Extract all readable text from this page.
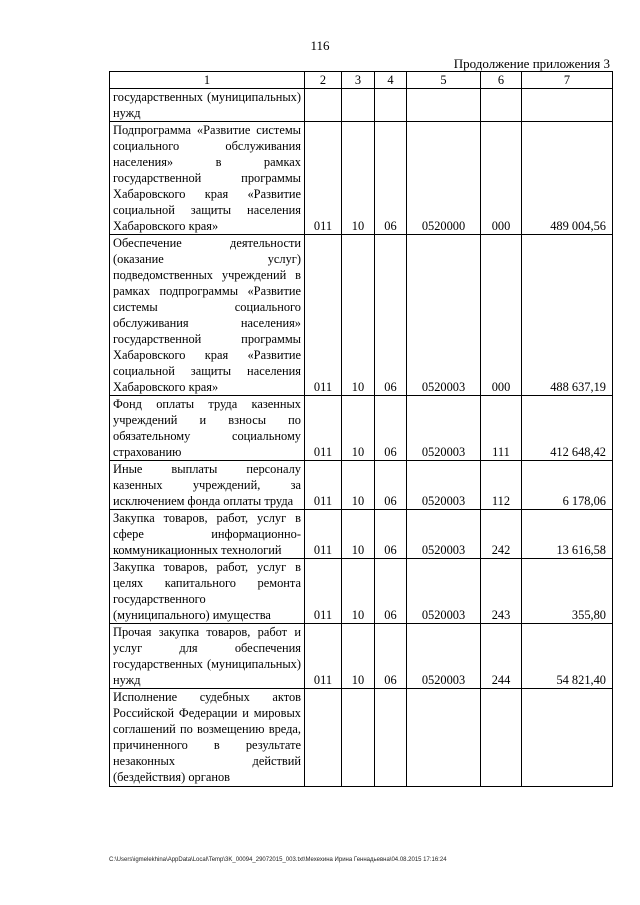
116
Продолжение приложения 3
1	2	3	4	5	6	7
государственных (муниципальных) нужд						
Подпрограмма «Развитие системы социального обслуживания населения» в рамках государственной программы Хабаровского края «Развитие социальной защиты населения Хабаровского края»	011	10	06	0520000	000	489 004,56
Обеспечение деятельности (оказание услуг) подведомственных учреждений в рамках подпрограммы «Развитие системы социального обслуживания населения» государственной программы Хабаровского края «Развитие социальной защиты населения Хабаровского края»	011	10	06	0520003	000	488 637,19
Фонд оплаты труда казенных учреждений и взносы по обязательному социальному страхованию	011	10	06	0520003	111	412 648,42
Иные выплаты персоналу казенных учреждений, за исключением фонда оплаты труда	011	10	06	0520003	112	6 178,06
Закупка товаров, работ, услуг в сфере информационно-коммуникационных технологий	011	10	06	0520003	242	13 616,58
Закупка товаров, работ, услуг в целях капитального ремонта государственного (муниципального) имущества	011	10	06	0520003	243	355,80
Прочая закупка товаров, работ и услуг для обеспечения государственных (муниципальных) нужд	011	10	06	0520003	244	54 821,40
Исполнение судебных актов Российской Федерации и мировых соглашений по возмещению вреда, причиненного в результате незаконных действий (бездействия) органов						
C:\Users\igmelekhina\AppData\Local\Temp\3K_00094_29072015_003.txt\Мехехина Ирина Геннадьевна\04.08.2015 17:16:24
